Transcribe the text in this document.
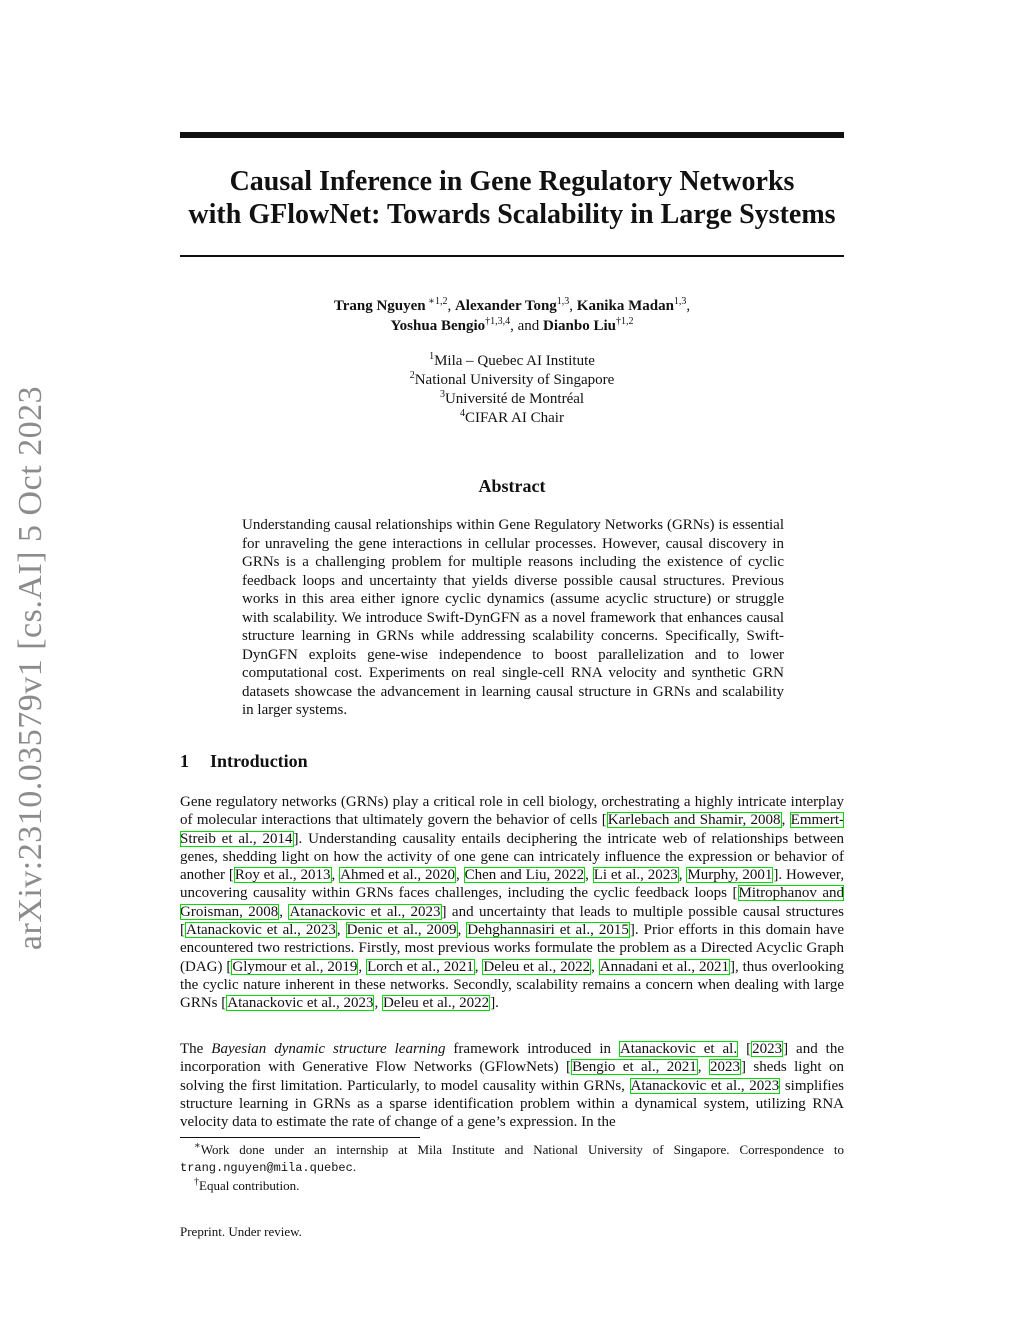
arXiv:2310.03579v1 [cs.AI] 5 Oct 2023
Causal Inference in Gene Regulatory Networks
with GFlowNet: Towards Scalability in Large Systems
Trang Nguyen $^{∗1,2}$, Alexander Tong$^{1,3}$, Kanika Madan$^{1,3}$,
Yoshua Bengio$^{\dagger 1,3,4}$, and Dianbo Liu$^{\dagger 1,2}$
$^1$Mila – Quebec AI Institute
$^2$National University of Singapore
$^3$Université de Montréal
$^4$CIFAR AI Chair
Abstract

Understanding causal relationships within Gene Regulatory Networks (GRNs) is essential for unraveling the gene interactions in cellular processes. However, causal discovery in GRNs is a challenging problem for multiple reasons including the existence of cyclic feedback loops and uncertainty that yields diverse possible causal structures. Previous works in this area either ignore cyclic dynamics (assume acyclic structure) or struggle with scalability. We introduce Swift-DynGFN as a novel framework that enhances causal structure learning in GRNs while addressing scalability concerns. Specifically, Swift-DynGFN exploits gene-wise independence to boost parallelization and to lower computational cost. Experiments on real single-cell RNA velocity and synthetic GRN datasets showcase the advancement in learning causal structure in GRNs and scalability in larger systems.

1 Introduction

Gene regulatory networks (GRNs) play a critical role in cell biology, orchestrating a highly intricate interplay of molecular interactions that ultimately govern the behavior of cells [Karlebach and Shamir, 2008, Emmert-Streib et al., 2014]. Understanding causality entails deciphering the intricate web of relationships between genes, shedding light on how the activity of one gene can intricately influence the expression or behavior of another [Roy et al., 2013, Ahmed et al., 2020, Chen and Liu, 2022, Li et al., 2023, Murphy, 2001]. However, uncovering causality within GRNs faces challenges, including the cyclic feedback loops [Mitrophanov and Groisman, 2008, Atanackovic et al., 2023] and uncertainty that leads to multiple possible causal structures [Atanackovic et al., 2023, Denic et al., 2009, Dehghannasiri et al., 2015]. Prior efforts in this domain have encountered two restrictions. Firstly, most previous works formulate the problem as a Directed Acyclic Graph (DAG) [Glymour et al., 2019, Lorch et al., 2021, Deleu et al., 2022, Annadani et al., 2021], thus overlooking the cyclic nature inherent in these networks. Secondly, scalability remains a concern when dealing with large GRNs [Atanackovic et al., 2023, Deleu et al., 2022].

The Bayesian dynamic structure learning framework introduced in Atanackovic et al. [2023] and the incorporation with Generative Flow Networks (GFlowNets) [Bengio et al., 2021, 2023] sheds light on solving the first limitation. Particularly, to model causality within GRNs, Atanackovic et al., 2023 simplifies structure learning in GRNs as a sparse identification problem within a dynamical system, utilizing RNA velocity data to estimate the rate of change of a gene’s expression. In the

∗Work done under an internship at Mila Institute and National University of Singapore. Correspondence to trang.nguyen@mila.quebec.

†Equal contribution.

Preprint. Under review.
